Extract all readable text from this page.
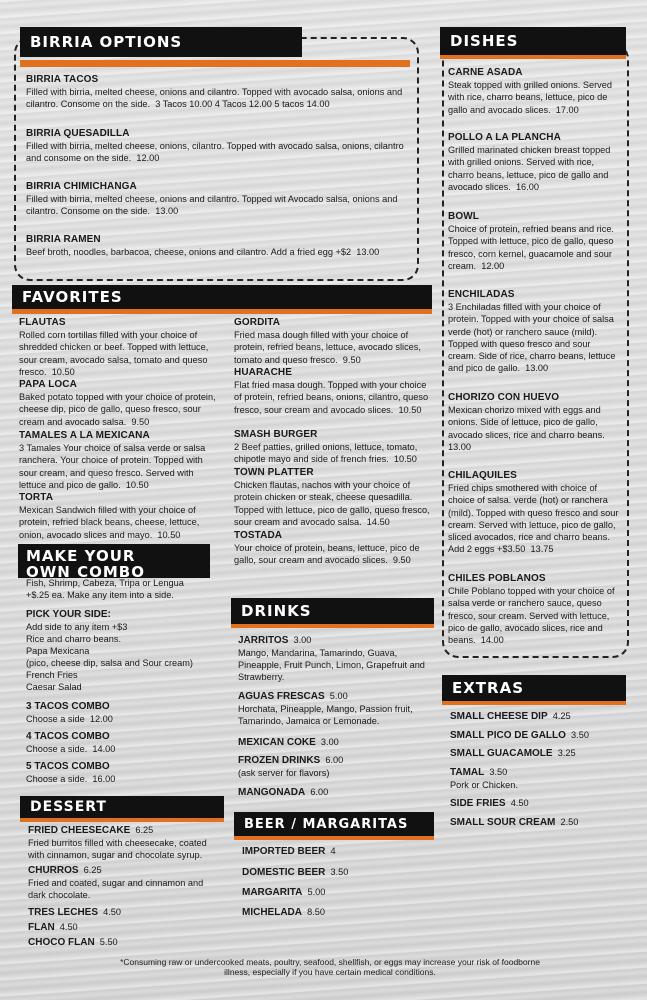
BIRRIA OPTIONS
BIRRIA TACOS
Filled with birria, melted cheese, onions and cilantro. Topped with avocado salsa, onions and cilantro. Consome on the side. 3 Tacos 10.00 4 Tacos 12.00 5 tacos 14.00
BIRRIA QUESADILLA
Filled with birria, melted cheese, onions, cilantro. Topped with avocado salsa, onions, cilantro and consome on the side. 12.00
BIRRIA CHIMICHANGA
Filled with birria, melted cheese, onions and cilantro. Topped wit Avocado salsa, onions and cilantro. Consome on the side. 13.00
BIRRIA RAMEN
Beef broth, noodles, barbacoa, cheese, onions and cilantro. Add a fried egg +$2 13.00
FAVORITES
FLAUTAS
Rolled corn tortillas filled with your choice of shredded chicken or beef. Topped with lettuce, sour cream, avocado salsa, tomato and queso fresco. 10.50
PAPA LOCA
Baked potato topped with your choice of protein, cheese dip, pico de gallo, queso fresco, sour cream and avocado salsa. 9.50
TAMALES A LA MEXICANA
3 Tamales Your choice of salsa verde or salsa ranchera. Your choice of protein. Topped with sour cream, and queso fresco. Served with lettuce and pico de gallo. 10.50
TORTA
Mexican Sandwich filled with your choice of protein, refried black beans, cheese, lettuce, onion, avocado slices and mayo. 10.50
GORDITA
Fried masa dough filled with your choice of protein, refried beans, lettuce, avocado slices, tomato and queso fresco. 9.50
HUARACHE
Flat fried masa dough. Topped with your choice of protein, refried beans, onions, cilantro, queso fresco, sour cream and avocado slices. 10.50
SMASH BURGER
2 Beef patties, grilled onions, lettuce, tomato, chipotle mayo and side of french fries. 10.50
TOWN PLATTER
Chicken flautas, nachos with your choice of protein chicken or steak, cheese quesadilla. Topped with lettuce, pico de gallo, queso fresco, sour cream and avocado salsa. 14.50
TOSTADA
Your choice of protein, beans, lettuce, pico de gallo, sour cream and avocado slices. 9.50
MAKE YOUR
OWN COMBO
Fish, Shrimp, Cabeza, Tripa or Lengua
+$.25 ea. Make any item into a side.
PICK YOUR SIDE:
Add side to any item +$3
Rice and charro beans.
Papa Mexicana
(pico, cheese dip, salsa and Sour cream)
French Fries
Caesar Salad
3 TACOS COMBO
Choose a side 12.00
4 TACOS COMBO
Choose a side. 14.00
5 TACOS COMBO
Choose a side. 16.00
DESSERT
FRIED CHEESECAKE 6.25
Fried burritos filled with cheesecake, coated with cinnamon, sugar and chocolate syrup.
CHURROS 6.25
Fried and coated, sugar and cinnamon and dark chocolate.
TRES LECHES 4.50
FLAN 4.50
CHOCO FLAN 5.50
DRINKS
JARRITOS 3.00
Mango, Mandarina, Tamarindo, Guava, Pineapple, Fruit Punch, Limon, Grapefruit and Strawberry.
AGUAS FRESCAS 5.00
Horchata, Pineapple, Mango, Passion fruit, Tamarindo, Jamaica or Lemonade.
MEXICAN COKE 3.00
FROZEN DRINKS 6.00
(ask server for flavors)
MANGONADA 6.00
BEER / MARGARITAS
IMPORTED BEER 4
DOMESTIC BEER 3.50
MARGARITA 5.00
MICHELADA 8.50
DISHES
CARNE ASADA
Steak topped with grilled onions. Served with rice, charro beans, lettuce, pico de gallo and avocado slices. 17.00
POLLO A LA PLANCHA
Grilled marinated chicken breast topped with grilled onions. Served with rice, charro beans, lettuce, pico de gallo and avocado slices. 16.00
BOWL
Choice of protein, refried beans and rice. Topped with lettuce, pico de gallo, queso fresco, corn kernel, guacamole and sour cream. 12.00
ENCHILADAS
3 Enchiladas filled with your choice of protein. Topped with your choice of salsa verde (hot) or ranchero sauce (mild). Topped with queso fresco and sour cream. Side of rice, charro beans, lettuce and pico de gallo. 13.00
CHORIZO CON HUEVO
Mexican chorizo mixed with eggs and onions. Side of lettuce, pico de gallo, avocado slices, rice and charro beans.  13.00
CHILAQUILES
Fried chips smothered with choice of choice of salsa. verde (hot) or ranchera (mild). Topped with queso fresco and sour cream. Served with lettuce, pico de gallo, sliced avocados, rice and charro beans. Add 2 eggs +$3.50 13.75
CHILES POBLANOS
Chile Poblano topped with your choice of salsa verde or ranchero sauce, queso fresco, sour cream. Served with lettuce, pico de gallo, avocado slices, rice and beans. 14.00
EXTRAS
SMALL CHEESE DIP 4.25
SMALL PICO DE GALLO 3.50
SMALL GUACAMOLE 3.25
TAMAL 3.50
Pork or Chicken.
SIDE FRIES 4.50
SMALL SOUR CREAM 2.50
*Consuming raw or undercooked meats, poultry, seafood, shellfish, or eggs may increase your risk of foodborne
illness, especially if you have certain medical conditions.
